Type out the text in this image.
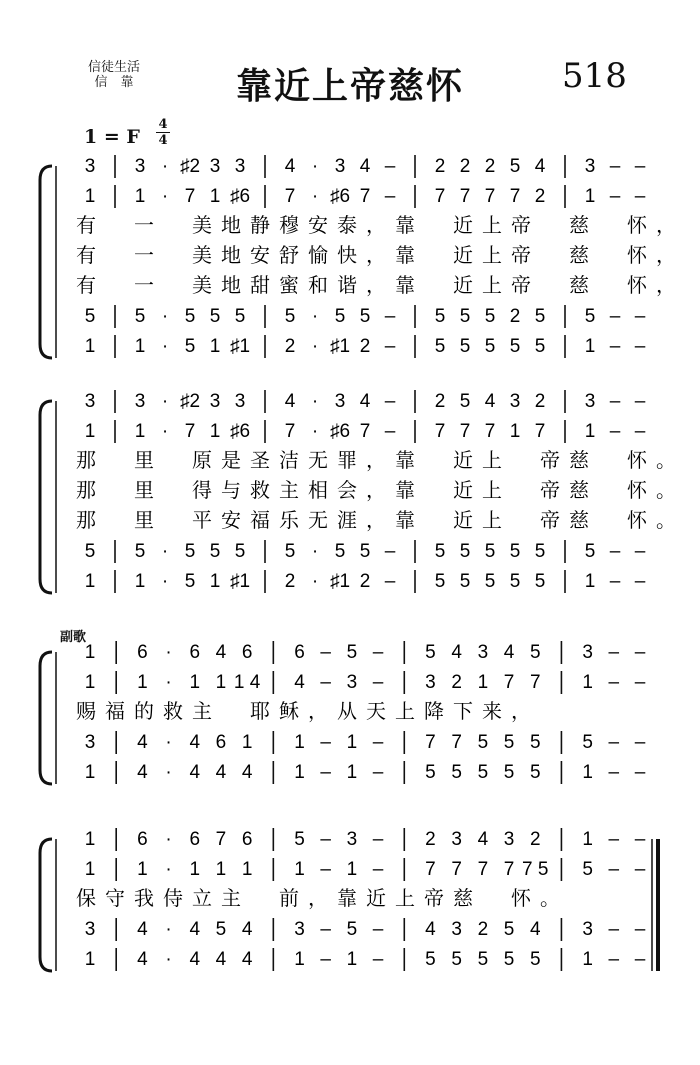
信徒生活
信　靠	靠近上帝慈怀	518
1 = F
4
4
副歌
3 3 · ♯2 3 3 4 · 3 4 – 2 2 2 5 4 3 – –
1 1 · 7 1 ♯6 7 · ♯6 7 – 7 7 7 7 2 1 – –
有　一　美地静穆安泰，靠　近上帝　慈　怀，
有　一　美地安舒愉快，靠　近上帝　慈　怀，
有　一　美地甜蜜和谐，靠　近上帝　慈　怀，
5 5 · 5 5 5 5 · 5 5 – 5 5 5 2 5 5 – –
1 1 · 5 1 ♯1 2 · ♯1 2 – 5 5 5 5 5 1 – –
3 3 · ♯2 3 3 4 · 3 4 – 2 5 4 3 2 3 – –
1 1 · 7 1 ♯6 7 · ♯6 7 – 7 7 7 1 7 1 – –
那　里　原是圣洁无罪，靠　近上　帝慈　怀。
那　里　得与救主相会，靠　近上　帝慈　怀。
那　里　平安福乐无涯，靠　近上　帝慈　怀。
5 5 · 5 5 5 5 · 5 5 – 5 5 5 5 5 5 – –
1 1 · 5 1 ♯1 2 · ♯1 2 – 5 5 5 5 5 1 – –
1 6 · 6 4 6 6 – 5 – 5 4 3 4 5 3 – –
1 1 · 1 1 1 4 4 – 3 – 3 2 1 7 7 1 – –
赐福的救主　耶稣，从天上降下来，
3 4 · 4 6 1 1 – 1 – 7 7 5 5 5 5 – –
1 4 · 4 4 4 1 – 1 – 5 5 5 5 5 1 – –
1 6 · 6 7 6 5 – 3 – 2 3 4 3 2 1 – –
1 1 · 1 1 1 1 – 1 – 7 7 7 7 7 5 5 – –
保守我侍立主　前，靠近上帝慈　怀。
3 4 · 4 5 4 3 – 5 – 4 3 2 5 4 3 – –
1 4 · 4 4 4 1 – 1 – 5 5 5 5 5 1 – –
